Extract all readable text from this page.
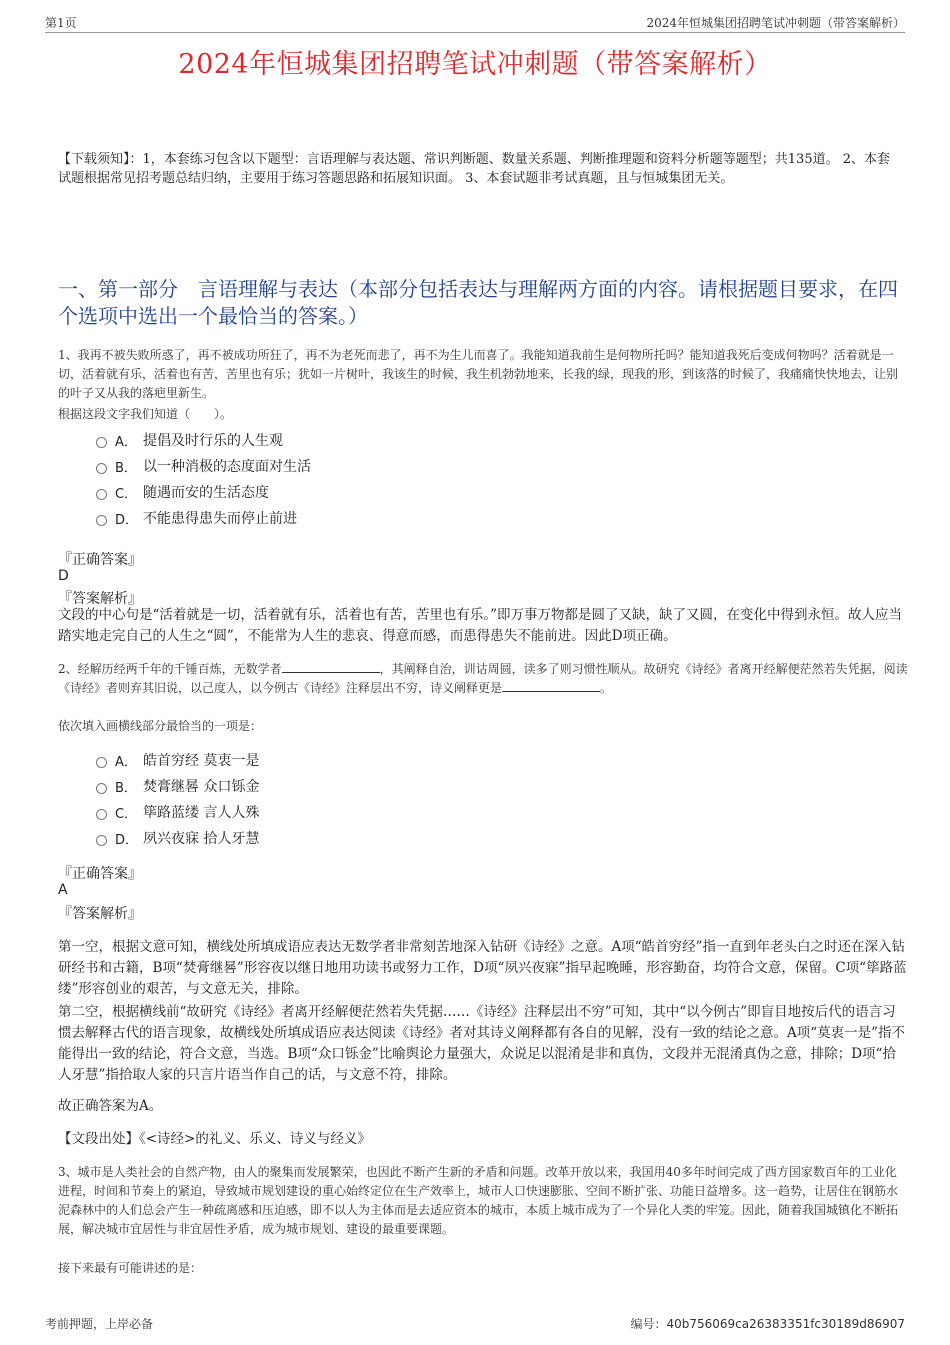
第1页	2024年恒城集团招聘笔试冲刺题（带答案解析）
2024年恒城集团招聘笔试冲刺题（带答案解析）
【下载须知】：1，本套练习包含以下题型：言语理解与表达题、常识判断题、数量关系题、判断推理题和资料分析题等题型；共135道。 2、本套试题根据常见招考题总结归纳，主要用于练习答题思路和拓展知识面。 3、本套试题非考试真题，且与恒城集团无关。
一、第一部分　言语理解与表达（本部分包括表达与理解两方面的内容。请根据题目要求，在四个选项中选出一个最恰当的答案。）
1、我再不被失败所惑了，再不被成功所狂了，再不为老死而悲了，再不为生儿而喜了。我能知道我前生是何物所托吗？能知道我死后变成何物吗？活着就是一切，活着就有乐，活着也有苦，苦里也有乐；犹如一片树叶，我该生的时候，我生机勃勃地来，长我的绿，现我的形，到该落的时候了，我痛痛快快地去，让别的叶子又从我的落疤里新生。
根据这段文字我们知道（　　）。
A． 提倡及时行乐的人生观
B． 以一种消极的态度面对生活
C． 随遇而安的生活态度
D． 不能患得患失而停止前进
『正确答案』
D
『答案解析』
文段的中心句是“活着就是一切，活着就有乐，活着也有苦，苦里也有乐。”即万事万物都是圆了又缺，缺了又圆，在变化中得到永恒。故人应当踏实地走完自己的人生之“圆”，不能常为人生的悲哀、得意而感，而患得患失不能前进。因此D项正确。
2、经解历经两千年的千锤百炼，无数学者	，其阐释自治，训诂周圆，读多了则习惯性顺从。故研究《诗经》者离开经解便茫然若失凭据，阅读《诗经》者则弃其旧说，以己度人，以今例古《诗经》注释层出不穷，诗义阐释更是	。
依次填入画横线部分最恰当的一项是：
A． 皓首穷经 莫衷一是
B． 焚膏继晷 众口铄金
C． 筚路蓝缕 言人人殊
D． 夙兴夜寐 拾人牙慧
『正确答案』
A
『答案解析』
第一空，根据文意可知，横线处所填成语应表达无数学者非常刻苦地深入钻研《诗经》之意。A项“皓首穷经”指一直到年老头白之时还在深入钻研经书和古籍，B项“焚膏继晷”形容夜以继日地用功读书或努力工作，D项“夙兴夜寐”指早起晚睡，形容勤奋，均符合文意，保留。C项“筚路蓝缕”形容创业的艰苦，与文意无关，排除。
第二空，根据横线前“故研究《诗经》者离开经解便茫然若失凭据……《诗经》注释层出不穷”可知，其中“以今例古”即盲目地按后代的语言习惯去解释古代的语言现象，故横线处所填成语应表达阅读《诗经》者对其诗义阐释都有各自的见解，没有一致的结论之意。A项“莫衷一是”指不能得出一致的结论，符合文意，当选。B项“众口铄金”比喻舆论力量强大，众说足以混淆是非和真伪，文段并无混淆真伪之意，排除；D项“拾人牙慧”指拾取人家的只言片语当作自己的话，与文意不符，排除。
故正确答案为A。
【文段出处】《<诗经>的礼义、乐义、诗义与经义》
3、城市是人类社会的自然产物，由人的聚集而发展繁荣，也因此不断产生新的矛盾和问题。改革开放以来，我国用40多年时间完成了西方国家数百年的工业化进程，时间和节奏上的紧迫，导致城市规划建设的重心始终定位在生产效率上，城市人口快速膨胀、空间不断扩张、功能日益增多。这一趋势，让居住在钢筋水泥森林中的人们总会产生一种疏离感和压迫感，即不以人为主体而是去适应资本的城市，本质上城市成为了一个异化人类的牢笼。因此，随着我国城镇化不断拓展，解决城市宜居性与非宜居性矛盾，成为城市规划、建设的最重要课题。
接下来最有可能讲述的是：
考前押题，上岸必备	编号：40b756069ca26383351fc30189d86907
